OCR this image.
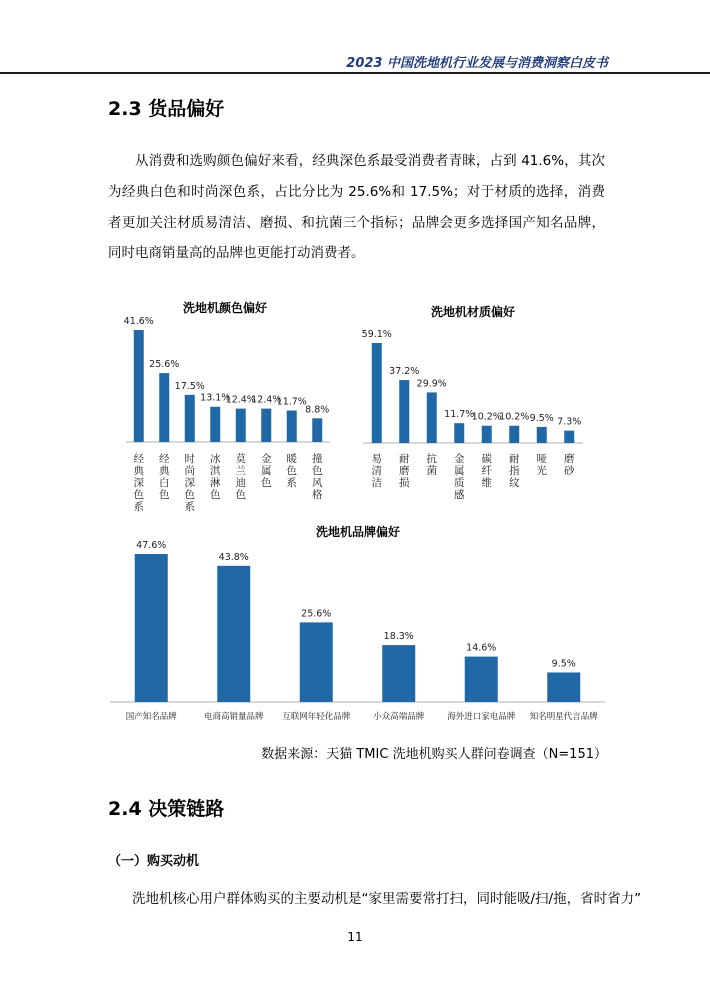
2023 中国洗地机行业发展与消费洞察白皮书
2.3 货品偏好

从消费和选购颜色偏好来看，经典深色系最受消费者青睐，占到 41.6%，其次为经典白色和时尚深色系，占比分比为 25.6%和 17.5%；对于材质的选择，消费者更加关注材质易清洁、磨损、和抗菌三个指标；品牌会更多选择国产知名品牌，同时电商销量高的品牌也更能打动消费者。

洗地机颜色偏好
41.6%
经典深色系
25.6%
经典白色
17.5%
时尚深色系
13.1%
冰淇淋色
12.4%
莫兰迪色
12.4%
金属色
11.7%
暖色系
8.8%
撞色风格
洗地机材质偏好
59.1%
易清洁
37.2%
耐磨损
29.9%
抗菌
11.7%
金属质感
10.2%
碳纤维
10.2%
耐指纹
9.5%
哑光
7.3%
磨砂
洗地机品牌偏好
47.6%
国产知名品牌
43.8%
电商高销量品牌
25.6%
互联网年轻化品牌
18.3%
小众高端品牌
14.6%
海外进口家电品牌
9.5%
知名明星代言品牌
数据来源：天猫 TMIC 洗地机购买人群问卷调查（N=151）
2.4 决策链路
（一）购买动机
洗地机核心用户群体购买的主要动机是“家里需要常打扫，同时能吸/扫/拖，省时省力”
11
